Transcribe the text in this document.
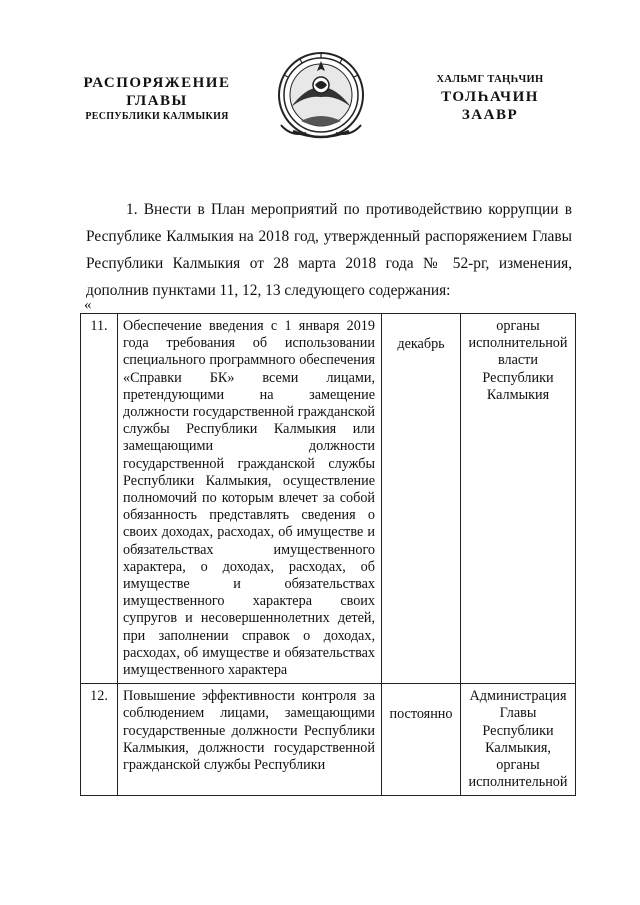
РАСПОРЯЖЕНИЕ
ГЛАВЫ
РЕСПУБЛИКИ КАЛМЫКИЯ
ХАЛЬМГ ТАҢҺЧИН
ТОЛҺАЧИН
ЗААВР
1. Внести в План мероприятий по противодействию коррупции в Республике Калмыкия на 2018 год, утвержденный распоряжением Главы Республики Калмыкия от 28 марта 2018 года № 52-рг, изменения, дополнив пунктами 11, 12, 13 следующего содержания:
«
11.	Обеспечение введения с 1 января 2019 года требования об использовании специального программного обеспечения «Справки БК» всеми лицами, претендующими на замещение должности государственной гражданской службы Республики Калмыкия или замещающими должности государственной гражданской службы Республики Калмыкия, осуществление полномочий по которым влечет за собой обязанность представлять сведения о своих доходах, расходах, об имуществе и обязательствах имущественного характера, о доходах, расходах, об имуществе и обязательствах имущественного характера своих супругов и несовершеннолетних детей, при заполнении справок о доходах, расходах, об имуществе и обязательствах имущественного характера	декабрь	органы исполнительной власти Республики Калмыкия
12.	Повышение эффективности контроля за соблюдением лицами, замещающими государственные должности Республики Калмыкия, должности государственной гражданской службы Республики	постоянно	Администрация Главы Республики Калмыкия, органы исполнительной
